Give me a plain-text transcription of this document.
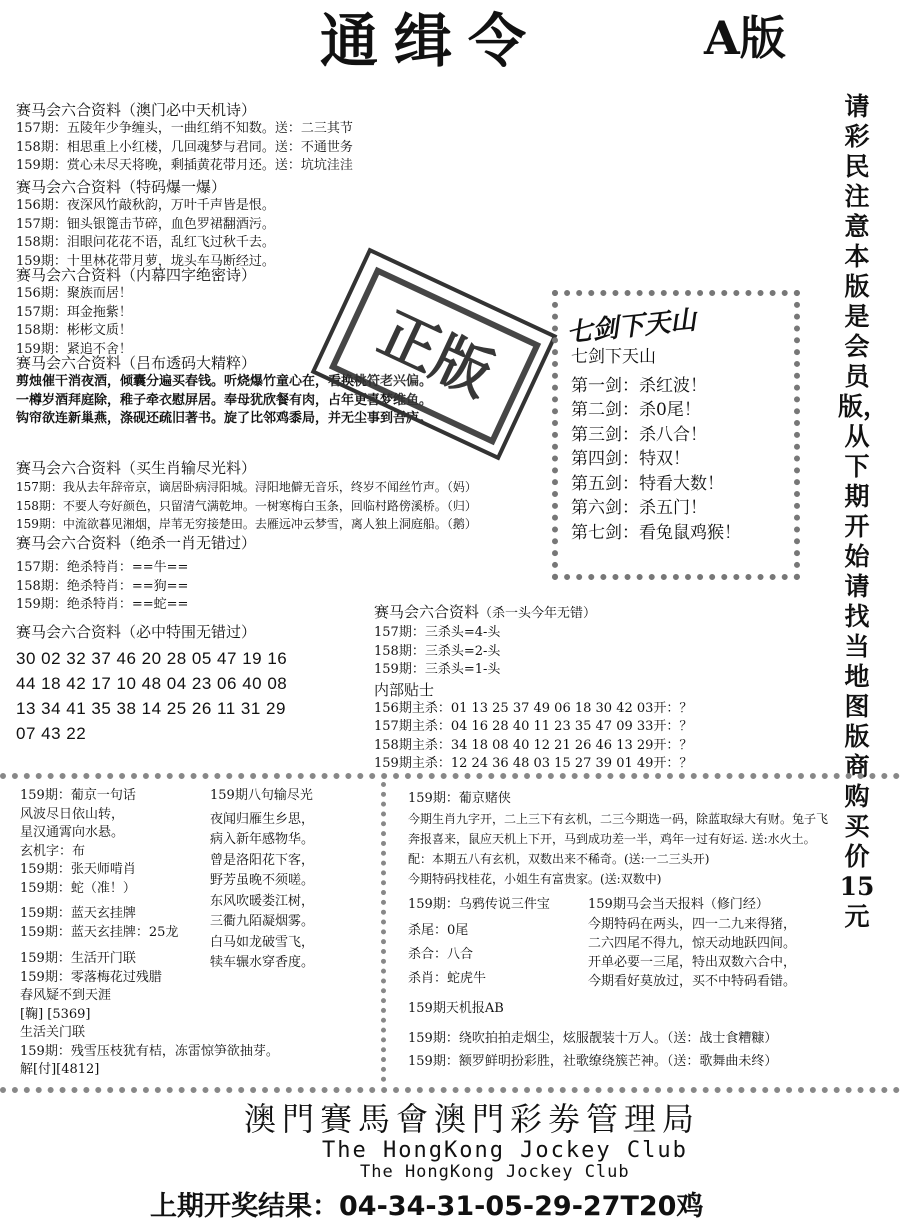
通缉令	A版
请彩民注意本版是会员版，从下期开始请找当地图版商购买价15元
赛马会六合资料（澳门必中天机诗）
157期：五陵年少争缠头，一曲红绡不知数。送：二三其节
158期：相思重上小红楼，几回魂梦与君同。送：不通世务
159期：赏心未尽天将晚，剩插黄花带月还。送：坑坑洼洼
赛马会六合资料（特码爆一爆）
156期：夜深风竹敲秋韵，万叶千声皆是恨。
157期：钿头银篦击节碎，血色罗裙翻酒污。
158期：泪眼问花花不语，乱红飞过秋千去。
159期：十里林花带月萝，垅头车马断经过。
赛马会六合资料（内幕四字绝密诗）
156期：聚族而居！
157期：珥金拖紫！
158期：彬彬文质！
159期：紧追不舍！
赛马会六合资料（吕布透码大精粹）
剪烛催干消夜酒，倾囊分遍买春钱。听烧爆竹童心在，看换桃符老兴偏。
一樽岁酒拜庭除，稚子牵衣慰屏居。奉母犹欣餐有肉，占年更喜梦维鱼。
钩帘欲连新巢燕，涤砚还疏旧著书。旋了比邻鸡黍局，并无尘事到吾庐。
赛马会六合资料（买生肖输尽光料）
157期：我从去年辞帝京，谪居卧病浔阳城。浔阳地僻无音乐，终岁不闻丝竹声。（妈）
158期：不要人夸好颜色，只留清气满乾坤。一树寒梅白玉条，回临村路傍溪桥。（归）
159期：中流欲暮见湘烟，岸苇无穷接楚田。去雁远冲云梦雪，离人独上洞庭船。（鹅）
赛马会六合资料（绝杀一肖无错过）
157期：绝杀特肖：==牛==
158期：绝杀特肖：==狗==
159期：绝杀特肖：==蛇==
赛马会六合资料（必中特围无错过）
30 02 32 37 46 20 28 05 47 19 16
44 18 42 17 10 48 04 23 06 40 08
13 34 41 35 38 14 25 26 11 31 29
07 43 22
正版	七剑下天山
七剑下天山
第一剑：杀红波！
第二剑：杀0尾！
第三剑：杀八合！
第四剑：特双！
第五剑：特看大数！
第六剑：杀五门！
第七剑：看兔鼠鸡猴！
赛马会六合资料（杀一头今年无错）
157期：三杀头=4-头
158期：三杀头=2-头
159期：三杀头=1-头
内部贴士
156期主杀：01 13 25 37 49 06 18 30 42 03开：？
157期主杀：04 16 28 40 11 23 35 47 09 33开：？
158期主杀：34 18 08 40 12 21 26 46 13 29开：？
159期主杀：12 24 36 48 03 15 27 39 01 49开：？
159期：葡京一句话
风波尽日依山转，
星汉通霄向水悬。
玄机字：布
159期：张天师啃肖
159期：蛇（准！）
159期：蓝天玄挂牌
159期：蓝天玄挂牌：25龙
159期：生活开门联
159期：零落梅花过残腊
春风疑不到天涯
[鞠] [5369]
生活关门联
159期：残雪压枝犹有桔，冻雷惊笋欲抽芽。
解[付][4812]
159期八句输尽光
夜闻归雁生乡思，
病入新年感物华。
曾是洛阳花下客，
野芳虽晚不须嗟。
东风吹暖娄江树，
三衢九陌凝烟雾。
白马如龙破雪飞，
犊车辗水穿香度。
159期：葡京赌侠
今期生肖九字开，二上三下有玄机，二三今期选一码，除蓝取绿大有财。兔子飞
奔报喜来，鼠应天机上下开，马到成功差一半，鸡年一过有好运. 送:水火土。
配：本期五八有玄机，双数出来不稀奇。(送:一二三头开)
今期特码找桂花，小姐生有富贵家。(送:双数中)
159期：乌鸦传说三件宝
杀尾：0尾
杀合：八合
杀肖：蛇虎牛
159期马会当天报料（修门经）
今期特码在两头，四一二九来得猪，
二六四尾不得九，惊天动地跃四间。
开单必要一三尾，特出双数六合中，
今期看好莫放过，买不中特码看错。
159期天机报AB
159期：绕吹拍拍走烟尘，炫服靓装十万人。（送：战士食糟糠）
159期：额罗鲜明扮彩胜，社歌缭绕簇芒神。（送：歌舞曲未终）
澳門賽馬會澳門彩劵管理局
The HongKong Jockey Club
The HongKong Jockey Club
上期开奖结果：04-34-31-05-29-27T20鸡
